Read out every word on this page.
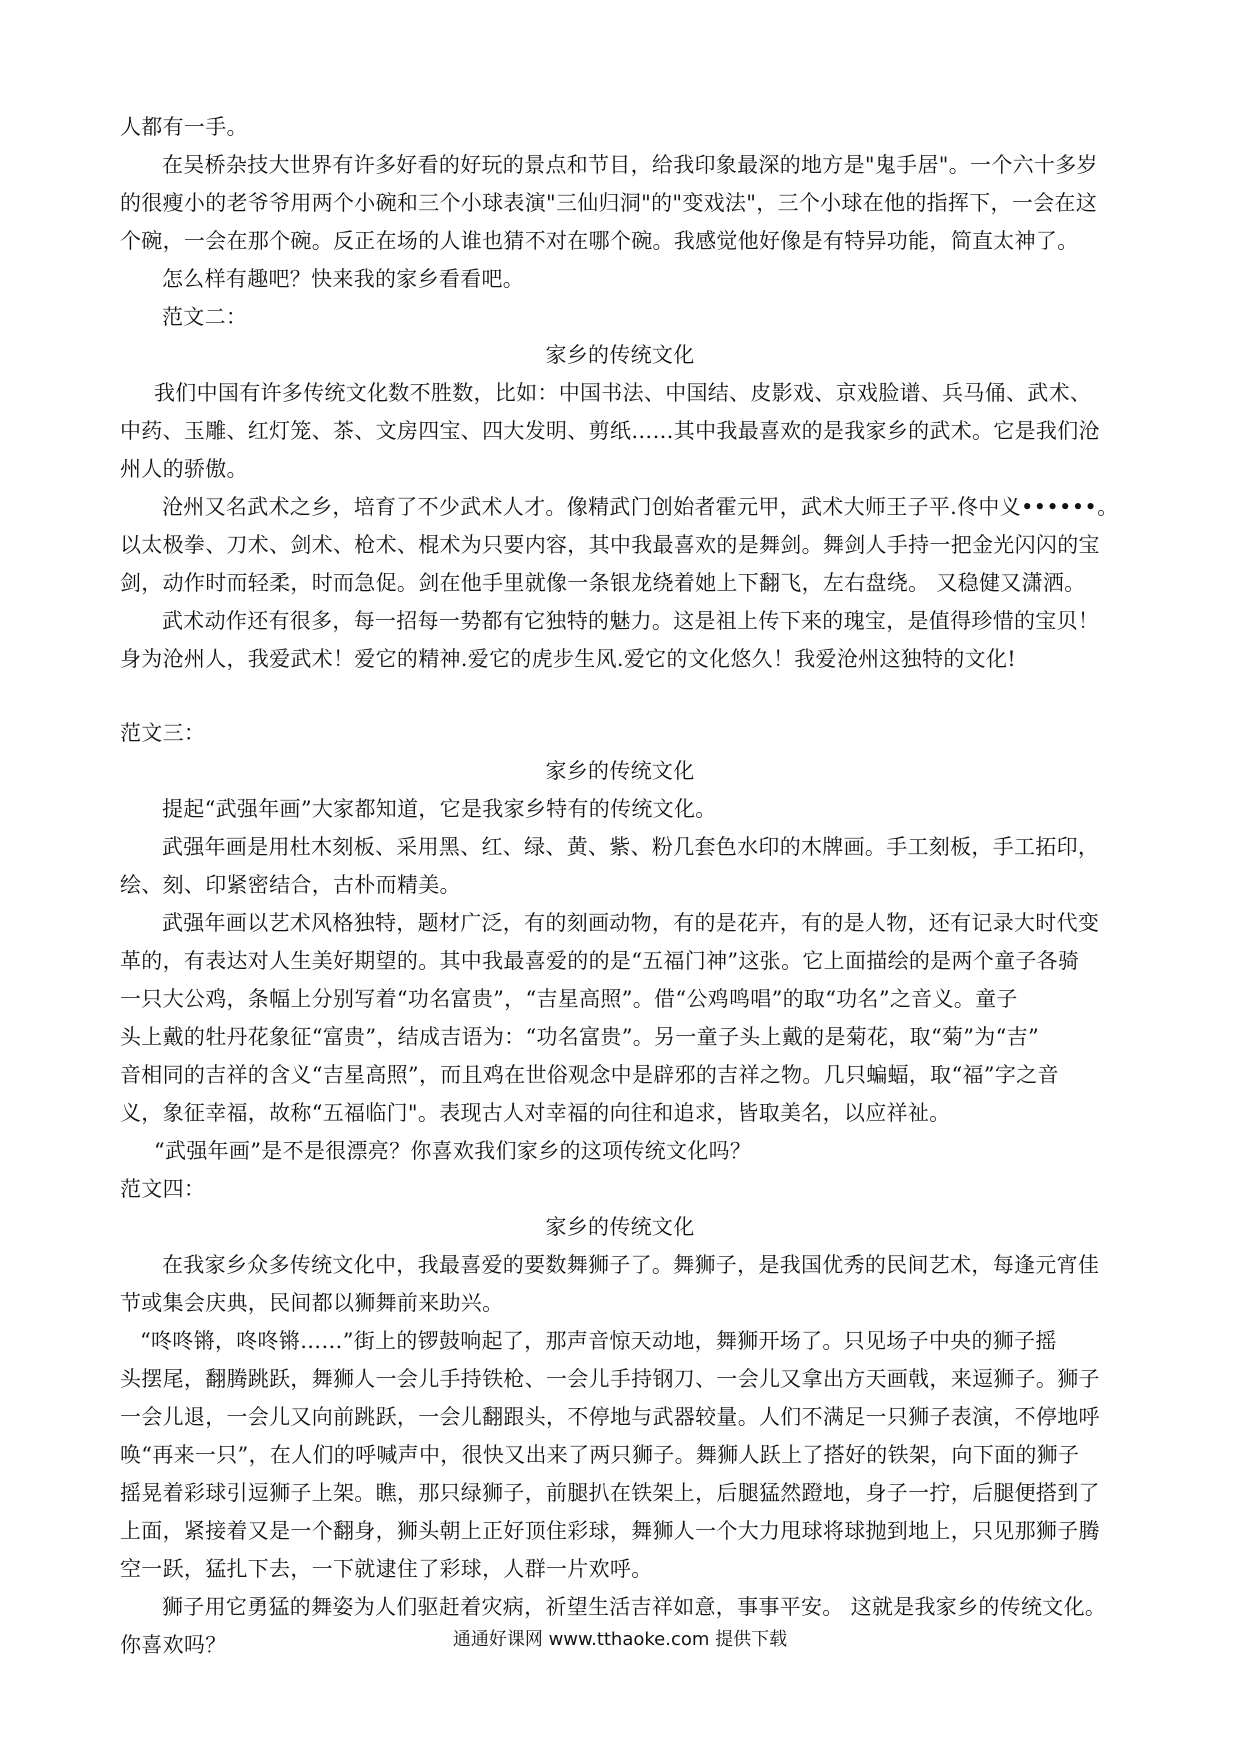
人都有一手。

在吴桥杂技大世界有许多好看的好玩的景点和节目，给我印象最深的地方是"鬼手居"。一个六十多岁

的很瘦小的老爷爷用两个小碗和三个小球表演"三仙归洞"的"变戏法"，三个小球在他的指挥下，一会在这

个碗，一会在那个碗。反正在场的人谁也猜不对在哪个碗。我感觉他好像是有特异功能，简直太神了。

怎么样有趣吧？快来我的家乡看看吧。

范文二：

家乡的传统文化

我们中国有许多传统文化数不胜数，比如：中国书法、中国结、皮影戏、京戏脸谱、兵马俑、武术、

中药、玉雕、红灯笼、茶、文房四宝、四大发明、剪纸……其中我最喜欢的是我家乡的武术。它是我们沧

州人的骄傲。

沧州又名武术之乡，培育了不少武术人才。像精武门创始者霍元甲，武术大师王子平.佟中义••••••。

以太极拳、刀术、剑术、枪术、棍术为只要内容，其中我最喜欢的是舞剑。舞剑人手持一把金光闪闪的宝

剑，动作时而轻柔，时而急促。剑在他手里就像一条银龙绕着她上下翻飞，左右盘绕。 又稳健又潇洒。

武术动作还有很多，每一招每一势都有它独特的魅力。这是祖上传下来的瑰宝，是值得珍惜的宝贝！

身为沧州人，我爱武术！爱它的精神.爱它的虎步生风.爱它的文化悠久！我爱沧州这独特的文化!

范文三：

家乡的传统文化

提起“武强年画”大家都知道，它是我家乡特有的传统文化。

武强年画是用杜木刻板、采用黑、红、绿、黄、紫、粉几套色水印的木牌画。手工刻板，手工拓印，

绘、刻、印紧密结合，古朴而精美。

武强年画以艺术风格独特，题材广泛，有的刻画动物，有的是花卉，有的是人物，还有记录大时代变

革的，有表达对人生美好期望的。其中我最喜爱的的是“五福门神”这张。它上面描绘的是两个童子各骑

一只大公鸡，条幅上分别写着“功名富贵”，“吉星高照”。借“公鸡鸣唱”的取“功名”之音义。童子

头上戴的牡丹花象征“富贵”，结成吉语为：“功名富贵”。另一童子头上戴的是菊花，取“菊”为“吉”

音相同的吉祥的含义“吉星高照”，而且鸡在世俗观念中是辟邪的吉祥之物。几只蝙蝠，取“福”字之音

义，象征幸福，故称“五福临门"。表现古人对幸福的向往和追求，皆取美名，以应祥祉。

“武强年画”是不是很漂亮？你喜欢我们家乡的这项传统文化吗？

范文四：

家乡的传统文化

在我家乡众多传统文化中，我最喜爱的要数舞狮子了。舞狮子，是我国优秀的民间艺术，每逢元宵佳

节或集会庆典，民间都以狮舞前来助兴。

“咚咚锵，咚咚锵……”街上的锣鼓响起了，那声音惊天动地，舞狮开场了。只见场子中央的狮子摇

头摆尾，翻腾跳跃，舞狮人一会儿手持铁枪、一会儿手持钢刀、一会儿又拿出方天画戟，来逗狮子。狮子

一会儿退，一会儿又向前跳跃，一会儿翻跟头，不停地与武器较量。人们不满足一只狮子表演，不停地呼

唤“再来一只”，在人们的呼喊声中，很快又出来了两只狮子。舞狮人跃上了搭好的铁架，向下面的狮子

摇晃着彩球引逗狮子上架。瞧，那只绿狮子，前腿扒在铁架上，后腿猛然蹬地，身子一拧，后腿便搭到了

上面，紧接着又是一个翻身，狮头朝上正好顶住彩球，舞狮人一个大力甩球将球抛到地上，只见那狮子腾

空一跃，猛扎下去，一下就逮住了彩球，人群一片欢呼。

狮子用它勇猛的舞姿为人们驱赶着灾病，祈望生活吉祥如意，事事平安。 这就是我家乡的传统文化。

你喜欢吗？	通通好课网 www.tthaoke.com 提供下载
